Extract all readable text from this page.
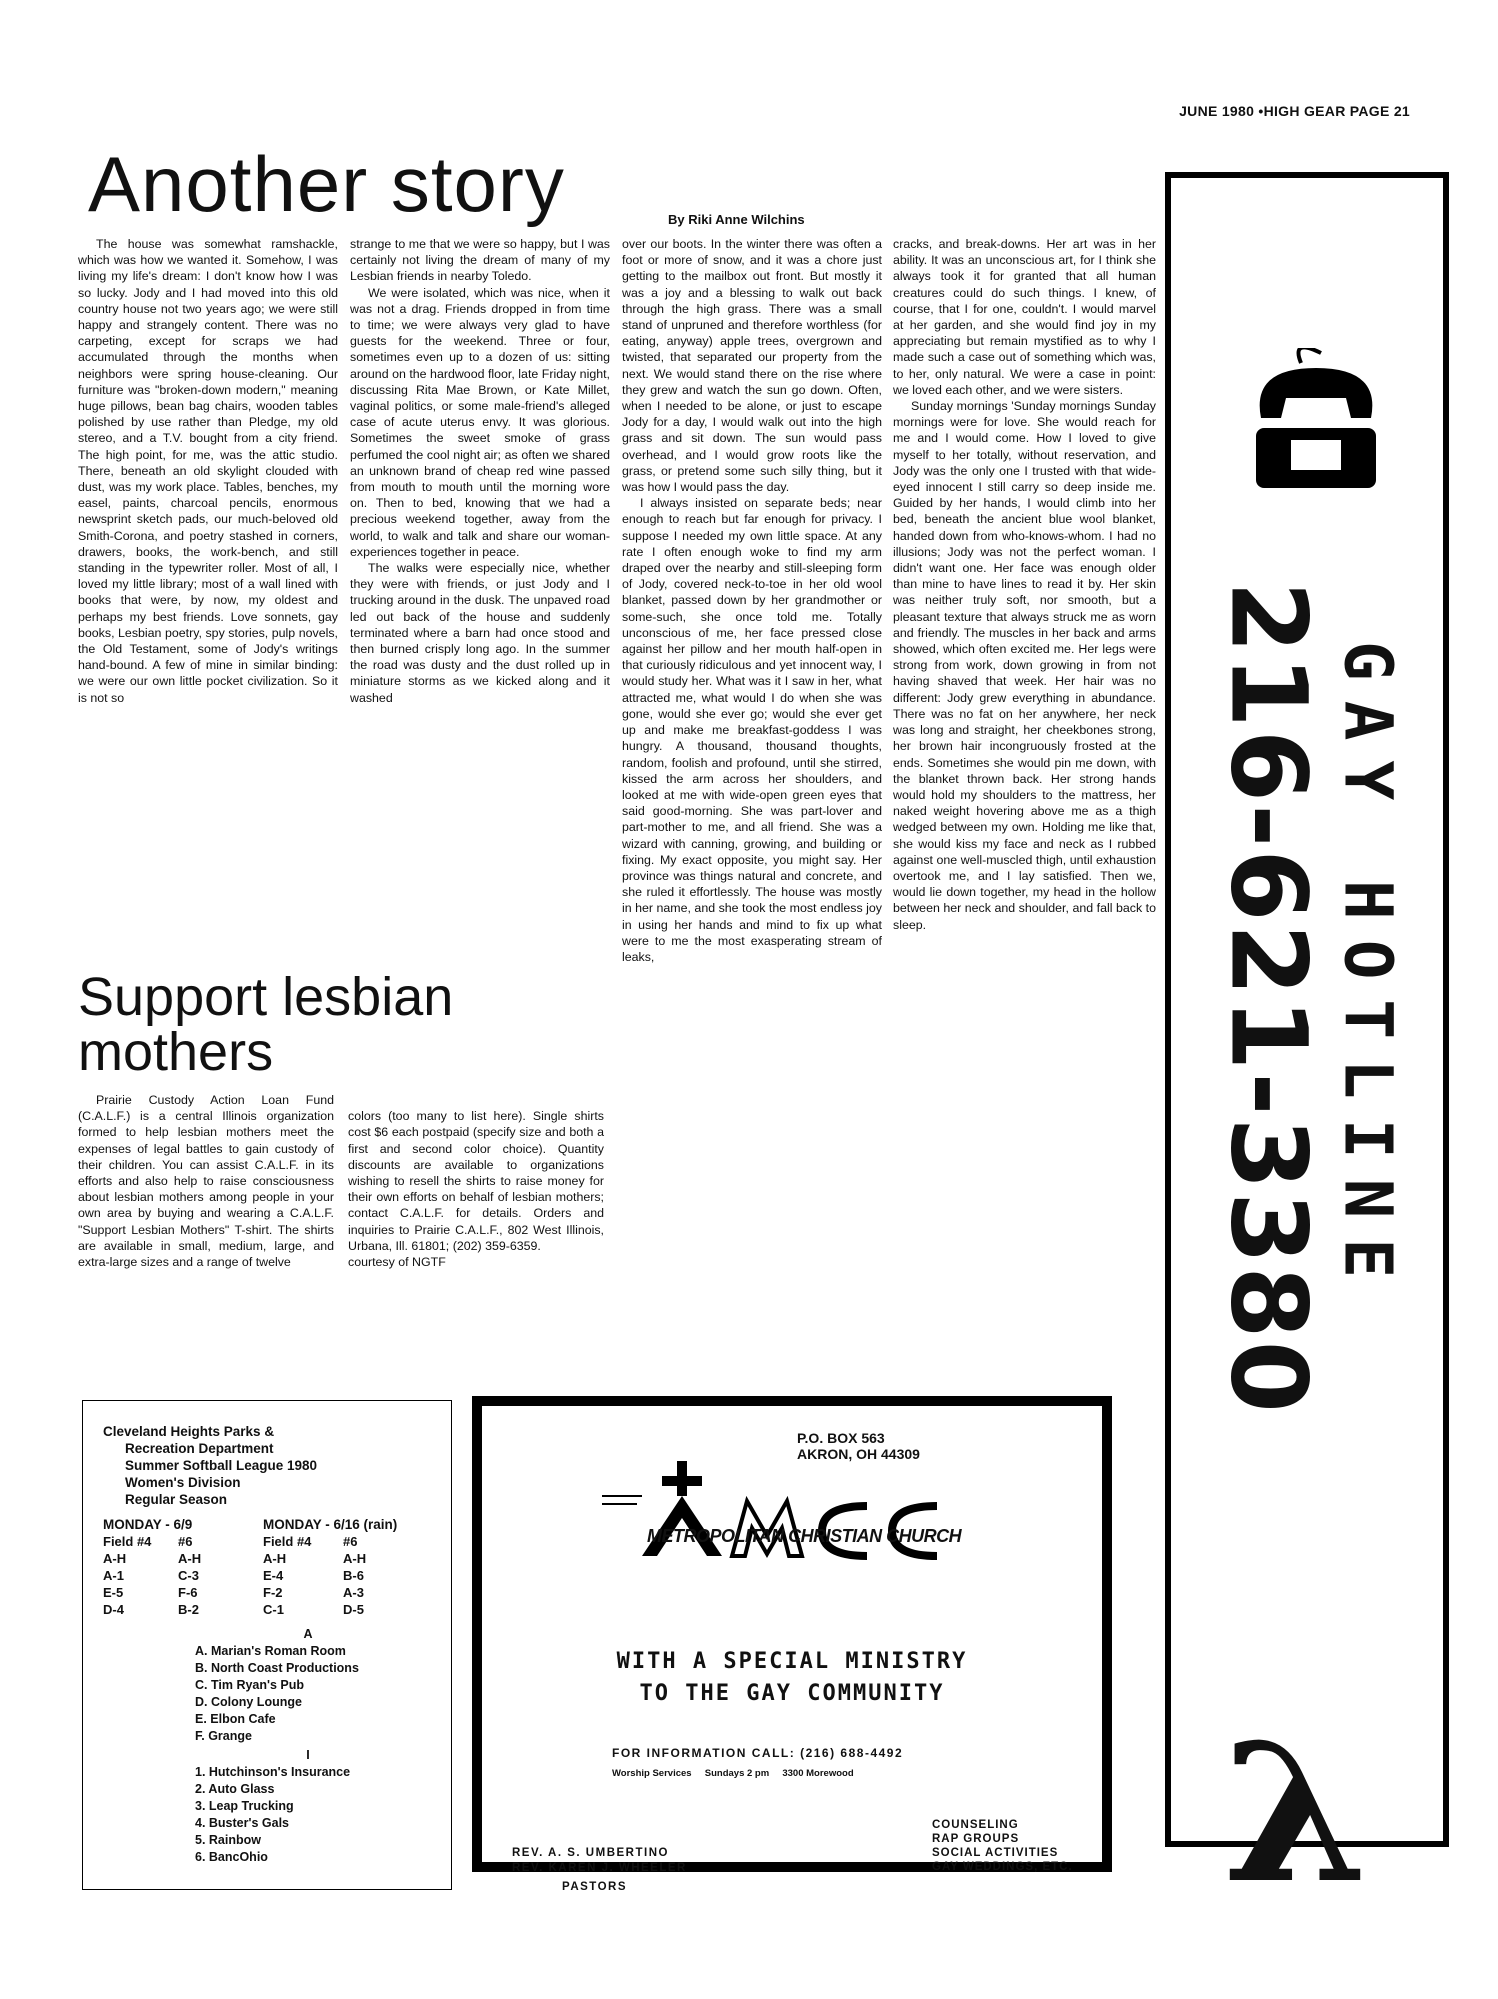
JUNE 1980 •HIGH GEAR PAGE 21
Another story	By Riki Anne Wilchins

The house was somewhat ramshackle, which was how we wanted it. Somehow, I was living my life's dream: I don't know how I was so lucky. Jody and I had moved into this old country house not two years ago; we were still happy and strangely content. There was no carpeting, except for scraps we had accumulated through the months when neighbors were spring house-cleaning. Our furniture was "broken-down modern," meaning huge pillows, bean bag chairs, wooden tables polished by use rather than Pledge, my old stereo, and a T.V. bought from a city friend. The high point, for me, was the attic studio. There, beneath an old skylight clouded with dust, was my work place. Tables, benches, my easel, paints, charcoal pencils, enormous newsprint sketch pads, our much-beloved old Smith-Corona, and poetry stashed in corners, drawers, books, the work-bench, and still standing in the typewriter roller. Most of all, I loved my little library; most of a wall lined with books that were, by now, my oldest and perhaps my best friends. Love sonnets, gay books, Lesbian poetry, spy stories, pulp novels, the Old Testament, some of Jody's writings hand-bound. A few of mine in similar binding: we were our own little pocket civilization. So it is not so

strange to me that we were so happy, but I was certainly not living the dream of many of my Lesbian friends in nearby Toledo.

We were isolated, which was nice, when it was not a drag. Friends dropped in from time to time; we were always very glad to have guests for the weekend. Three or four, sometimes even up to a dozen of us: sitting around on the hardwood floor, late Friday night, discussing Rita Mae Brown, or Kate Millet, vaginal politics, or some male-friend's alleged case of acute uterus envy. It was glorious. Sometimes the sweet smoke of grass perfumed the cool night air; as often we shared an unknown brand of cheap red wine passed from mouth to mouth until the morning wore on. Then to bed, knowing that we had a precious weekend together, away from the world, to walk and talk and share our woman-experiences together in peace.

The walks were especially nice, whether they were with friends, or just Jody and I trucking around in the dusk. The unpaved road led out back of the house and suddenly terminated where a barn had once stood and then burned crisply long ago. In the summer the road was dusty and the dust rolled up in miniature storms as we kicked along and it washed

over our boots. In the winter there was often a foot or more of snow, and it was a chore just getting to the mailbox out front. But mostly it was a joy and a blessing to walk out back through the high grass. There was a small stand of unpruned and therefore worthless (for eating, anyway) apple trees, overgrown and twisted, that separated our property from the next. We would stand there on the rise where they grew and watch the sun go down. Often, when I needed to be alone, or just to escape Jody for a day, I would walk out into the high grass and sit down. The sun would pass overhead, and I would grow roots like the grass, or pretend some such silly thing, but it was how I would pass the day.

I always insisted on separate beds; near enough to reach but far enough for privacy. I suppose I needed my own little space. At any rate I often enough woke to find my arm draped over the nearby and still-sleeping form of Jody, covered neck-to-toe in her old wool blanket, passed down by her grandmother or some-such, she once told me. Totally unconscious of me, her face pressed close against her pillow and her mouth half-open in that curiously ridiculous and yet innocent way, I would study her. What was it I saw in her, what attracted me, what would I do when she was gone, would she ever go; would she ever get up and make me breakfast-goddess I was hungry. A thousand, thousand thoughts, random, foolish and profound, until she stirred, kissed the arm across her shoulders, and looked at me with wide-open green eyes that said good-morning. She was part-lover and part-mother to me, and all friend. She was a wizard with canning, growing, and building or fixing. My exact opposite, you might say. Her province was things natural and concrete, and she ruled it effortlessly. The house was mostly in her name, and she took the most endless joy in using her hands and mind to fix up what were to me the most exasperating stream of leaks,

cracks, and break-downs. Her art was in her ability. It was an unconscious art, for I think she always took it for granted that all human creatures could do such things. I knew, of course, that I for one, couldn't. I would marvel at her garden, and she would find joy in my appreciating but remain mystified as to why I made such a case out of something which was, to her, only natural. We were a case in point: we loved each other, and we were sisters.

Sunday mornings 'Sunday mornings Sunday mornings were for love. She would reach for me and I would come. How I loved to give myself to her totally, without reservation, and Jody was the only one I trusted with that wide-eyed innocent I still carry so deep inside me. Guided by her hands, I would climb into her bed, beneath the ancient blue wool blanket, handed down from who-knows-whom. I had no illusions; Jody was not the perfect woman. I didn't want one. Her face was enough older than mine to have lines to read it by. Her skin was neither truly soft, nor smooth, but a pleasant texture that always struck me as worn and friendly. The muscles in her back and arms showed, which often excited me. Her legs were strong from work, down growing in from not having shaved that week. Her hair was no different: Jody grew everything in abundance. There was no fat on her anywhere, her neck was long and straight, her cheekbones strong, her brown hair incongruously frosted at the ends. Sometimes she would pin me down, with the blanket thrown back. Her strong hands would hold my shoulders to the mattress, her naked weight hovering above me as a thigh wedged between my own. Holding me like that, she would kiss my face and neck as I rubbed against one well-muscled thigh, until exhaustion overtook me, and I lay satisfied. Then we, would lie down together, my head in the hollow between her neck and shoulder, and fall back to sleep.

Support lesbian mothers

Prairie Custody Action Loan Fund (C.A.L.F.) is a central Illinois organization formed to help lesbian mothers meet the expenses of legal battles to gain custody of their children. You can assist C.A.L.F. in its efforts and also help to raise consciousness about lesbian mothers among people in your own area by buying and wearing a C.A.L.F. "Support Lesbian Mothers" T-shirt. The shirts are available in small, medium, large, and extra-large sizes and a range of twelve

colors (too many to list here). Single shirts cost $6 each postpaid (specify size and both a first and second color choice). Quantity discounts are available to organizations wishing to resell the shirts to raise money for their own efforts on behalf of lesbian mothers; contact C.A.L.F. for details. Orders and inquiries to Prairie C.A.L.F., 802 West Illinois, Urbana, Ill. 61801; (202) 359-6359.
courtesy of NGTF	GAY HOTLINE
216-621-3380
λ
Cleveland Heights Parks &
Recreation Department
Summer Softball League 1980
Women's Division
Regular Season
MONDAY - 6/9
Field #4	#6
A-H	A-H
A-1	C-3
E-5	F-6
D-4	B-2
MONDAY - 6/16 (rain)
Field #4	#6
A-H	A-H
E-4	B-6
F-2	A-3
C-1	D-5
A
A. Marian's Roman Room
B. North Coast Productions
C. Tim Ryan's Pub
D. Colony Lounge
E. Elbon Cafe
F. Grange
I
1. Hutchinson's Insurance
2. Auto Glass
3. Leap Trucking
4. Buster's Gals
5. Rainbow
6. BancOhio
P.O. BOX 563
AKRON, OH 44309
METROPOLITAN CHRISTIAN CHURCH
WITH A SPECIAL MINISTRY
TO THE GAY COMMUNITY
FOR INFORMATION CALL: (216) 688-4492
Worship Services     Sundays 2 pm     3300 Morewood
REV. A. S. UMBERTINO
REV. KAREN J. WHEELER
PASTORS
COUNSELING
RAP GROUPS
SOCIAL ACTIVITIES
GAY WEDDINGS, ETC.
